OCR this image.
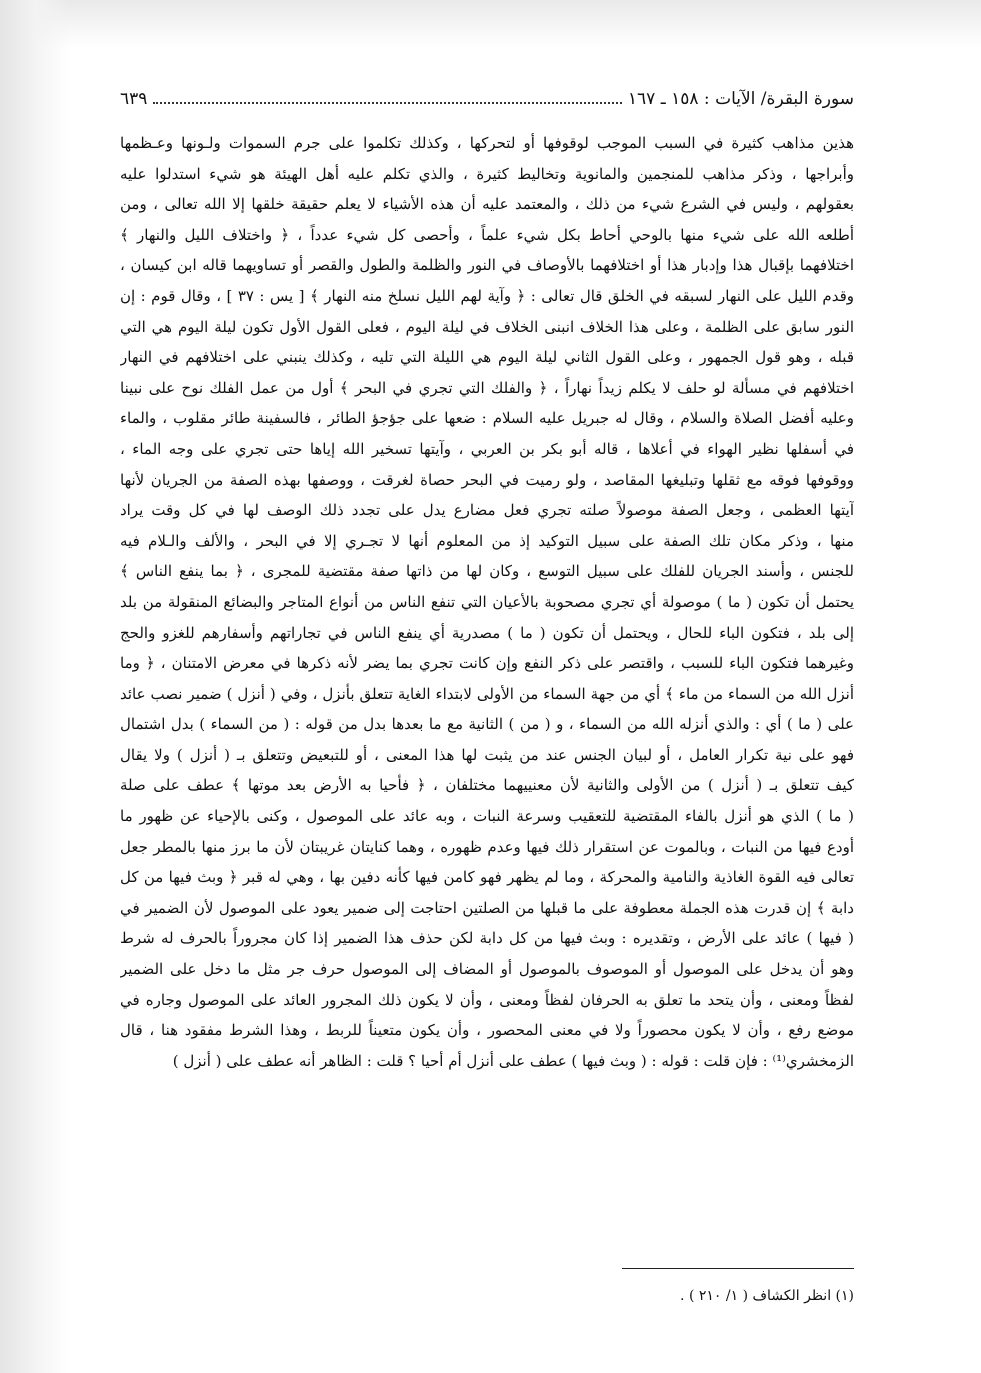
سورة البقرة/ الآيات : ١٥٨ ـ ١٦٧
٦٣٩
هذين مذاهب كثيرة في السبب الموجب لوقوفها أو لتحركها ، وكذلك تكلموا على جرم السموات ولـونها وعـظمها
وأبراجها ، وذكر مذاهب للمنجمين والمانوية وتخاليط كثيرة ، والذي تكلم عليه أهل الهيئة هو شيء استدلوا عليه
بعقولهم ، وليس في الشرع شيء من ذلك ، والمعتمد عليه أن هذه الأشياء لا يعلم حقيقة خلقها إلا الله تعالى ، ومن
أطلعه الله على شيء منها بالوحي أحاط بكل شيء علماً ، وأحصى كل شيء عدداً ، ﴿ واختلاف الليل والنهار ﴾
اختلافهما بإقبال هذا وإدبار هذا أو اختلافهما بالأوصاف في النور والظلمة والطول والقصر أو تساويهما قاله ابن كيسان ،
وقدم الليل على النهار لسبقه في الخلق قال تعالى : ﴿ وآية لهم الليل نسلخ منه النهار ﴾ [ يس : ٣٧ ] ، وقال قوم : إن
النور سابق على الظلمة ، وعلى هذا الخلاف انبنى الخلاف في ليلة اليوم ، فعلى القول الأول تكون ليلة اليوم هي التي
قبله ، وهو قول الجمهور ، وعلى القول الثاني ليلة اليوم هي الليلة التي تليه ، وكذلك ينبني على اختلافهم في النهار
اختلافهم في مسألة لو حلف لا يكلم زيداً نهاراً ، ﴿ والفلك التي تجري في البحر ﴾ أول من عمل الفلك نوح على نبينا
وعليه أفضل الصلاة والسلام ، وقال له جبريل عليه السلام : ضعها على جؤجؤ الطائر ، فالسفينة طائر مقلوب ، والماء
في أسفلها نظير الهواء في أعلاها ، قاله أبو بكر بن العربي ، وآيتها تسخير الله إياها حتى تجري على وجه الماء ،
ووقوفها فوقه مع ثقلها وتبليغها المقاصد ، ولو رميت في البحر حصاة لغرقت ، ووصفها بهذه الصفة من الجريان لأنها
آيتها العظمى ، وجعل الصفة موصولاً صلته تجري فعل مضارع يدل على تجدد ذلك الوصف لها في كل وقت يراد
منها ، وذكر مكان تلك الصفة على سبيل التوكيد إذ من المعلوم أنها لا تجـري إلا في البحر ، والألف والـلام فيه
للجنس ، وأسند الجريان للفلك على سبيل التوسع ، وكان لها من ذاتها صفة مقتضية للمجرى ، ﴿ بما ينفع الناس ﴾
يحتمل أن تكون ( ما ) موصولة أي تجري مصحوبة بالأعيان التي تنفع الناس من أنواع المتاجر والبضائع المنقولة من بلد
إلى بلد ، فتكون الباء للحال ، ويحتمل أن تكون ( ما ) مصدرية أي ينفع الناس في تجاراتهم وأسفارهم للغزو والحج
وغيرهما فتكون الباء للسبب ، واقتصر على ذكر النفع وإن كانت تجري بما يضر لأنه ذكرها في معرض الامتنان ، ﴿ وما
أنزل الله من السماء من ماء ﴾ أي من جهة السماء من الأولى لابتداء الغاية تتعلق بأنزل ، وفي ( أنزل ) ضمير نصب عائد
على ( ما ) أي : والذي أنزله الله من السماء ، و ( من ) الثانية مع ما بعدها بدل من قوله : ( من السماء ) بدل اشتمال
فهو على نية تكرار العامل ، أو لبيان الجنس عند من يثبت لها هذا المعنى ، أو للتبعيض وتتعلق بـ ( أنزل ) ولا يقال
كيف تتعلق بـ ( أنزل ) من الأولى والثانية لأن معنييهما مختلفان ، ﴿ فأحيا به الأرض بعد موتها ﴾ عطف على صلة
( ما ) الذي هو أنزل بالفاء المقتضية للتعقيب وسرعة النبات ، وبه عائد على الموصول ، وكنى بالإحياء عن ظهور ما
أودع فيها من النبات ، وبالموت عن استقرار ذلك فيها وعدم ظهوره ، وهما كنايتان غريبتان لأن ما برز منها بالمطر جعل
تعالى فيه القوة الغاذية والنامية والمحركة ، وما لم يظهر فهو كامن فيها كأنه دفين بها ، وهي له قبر ﴿ وبث فيها من كل
دابة ﴾ إن قدرت هذه الجملة معطوفة على ما قبلها من الصلتين احتاجت إلى ضمير يعود على الموصول لأن الضمير في
( فيها ) عائد على الأرض ، وتقديره : وبث فيها من كل دابة لكن حذف هذا الضمير إذا كان مجروراً بالحرف له شرط
وهو أن يدخل على الموصول أو الموصوف بالموصول أو المضاف إلى الموصول حرف جر مثل ما دخل على الضمير
لفظاً ومعنى ، وأن يتحد ما تعلق به الحرفان لفظاً ومعنى ، وأن لا يكون ذلك المجرور العائد على الموصول وجاره في
موضع رفع ، وأن لا يكون محصوراً ولا في معنى المحصور ، وأن يكون متعيناً للربط ، وهذا الشرط مفقود هنا ، قال
الزمخشري⁽¹⁾ : فإن قلت : قوله : ( وبث فيها ) عطف على أنزل أم أحيا ؟ قلت : الظاهر أنه عطف على ( أنزل )
(١) انظر الكشاف ( ١/ ٢١٠ ) .
